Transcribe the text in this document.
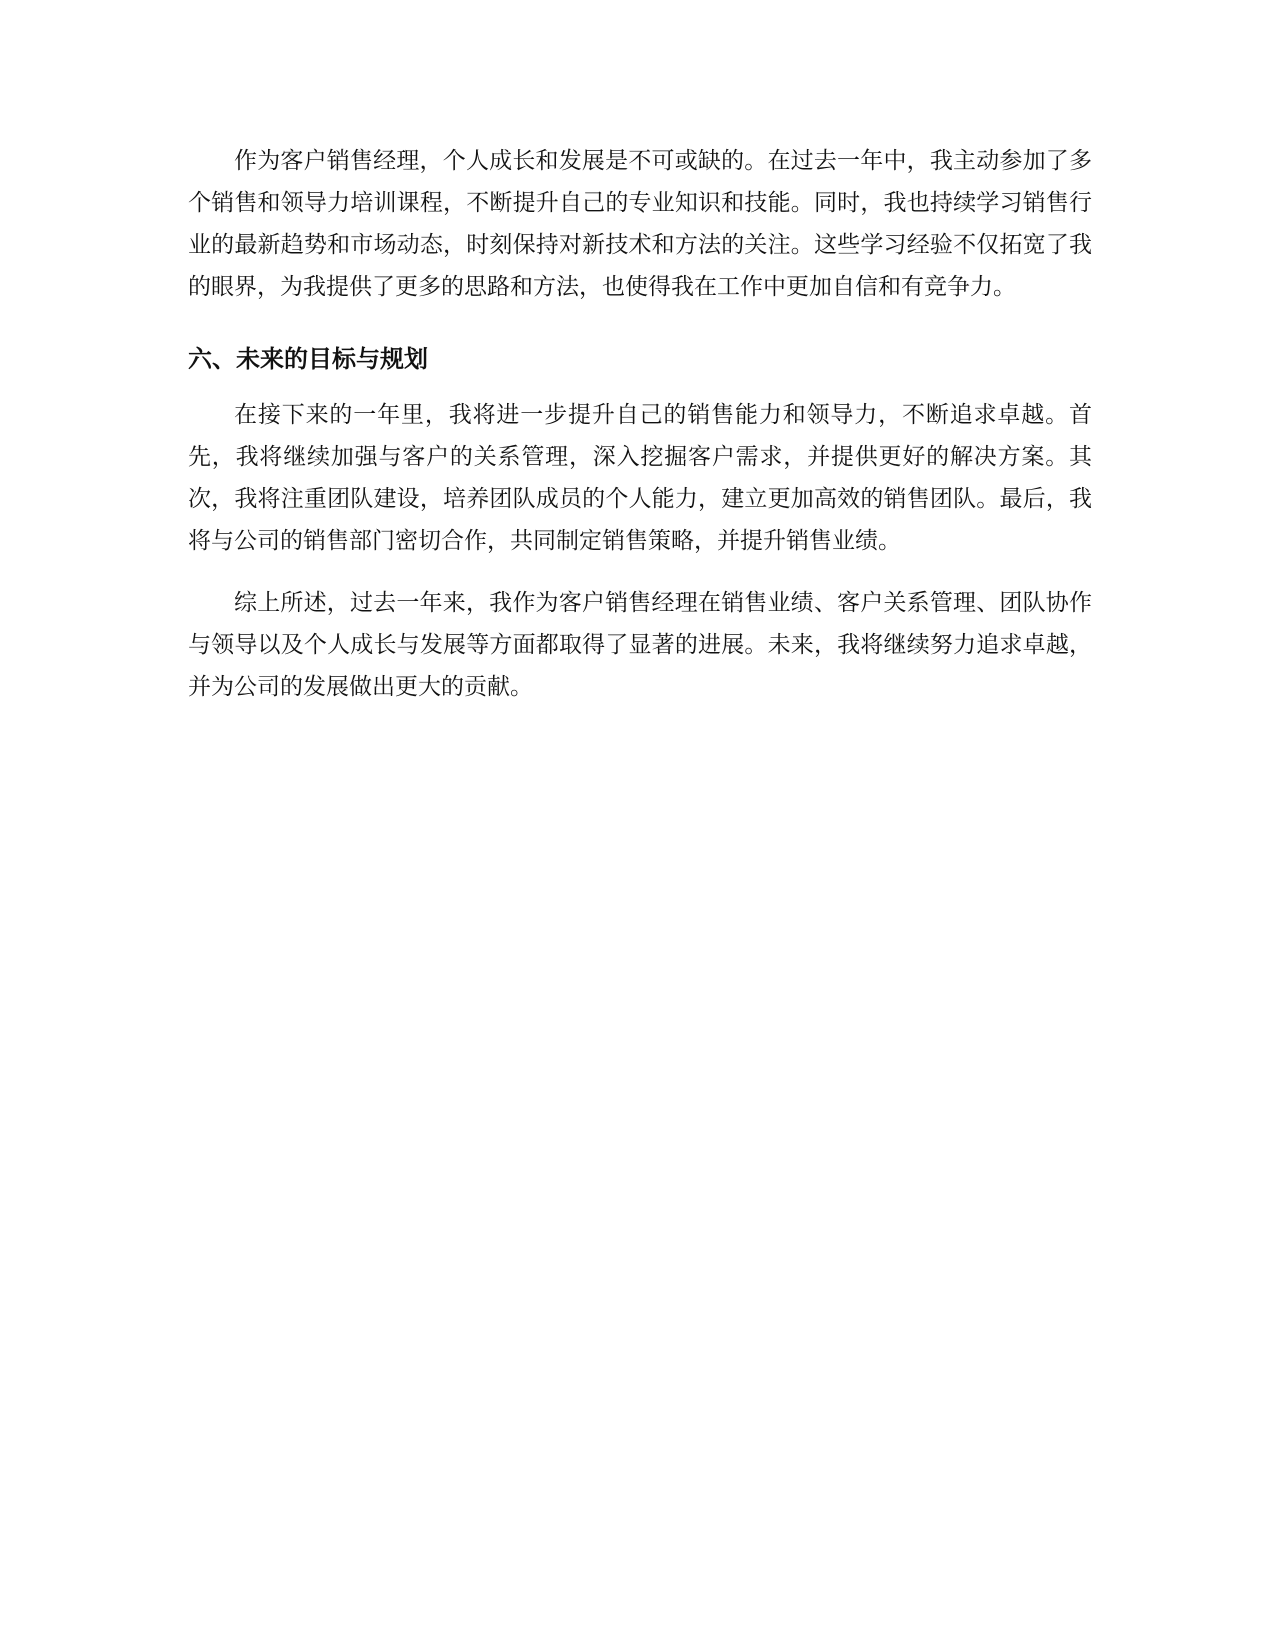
作为客户销售经理，个人成长和发展是不可或缺的。在过去一年中，我主动参加了多个销售和领导力培训课程，不断提升自己的专业知识和技能。同时，我也持续学习销售行业的最新趋势和市场动态，时刻保持对新技术和方法的关注。这些学习经验不仅拓宽了我的眼界，为我提供了更多的思路和方法，也使得我在工作中更加自信和有竞争力。

六、未来的目标与规划

在接下来的一年里，我将进一步提升自己的销售能力和领导力，不断追求卓越。首先，我将继续加强与客户的关系管理，深入挖掘客户需求，并提供更好的解决方案。其次，我将注重团队建设，培养团队成员的个人能力，建立更加高效的销售团队。最后，我将与公司的销售部门密切合作，共同制定销售策略，并提升销售业绩。

综上所述，过去一年来，我作为客户销售经理在销售业绩、客户关系管理、团队协作与领导以及个人成长与发展等方面都取得了显著的进展。未来，我将继续努力追求卓越，并为公司的发展做出更大的贡献。
